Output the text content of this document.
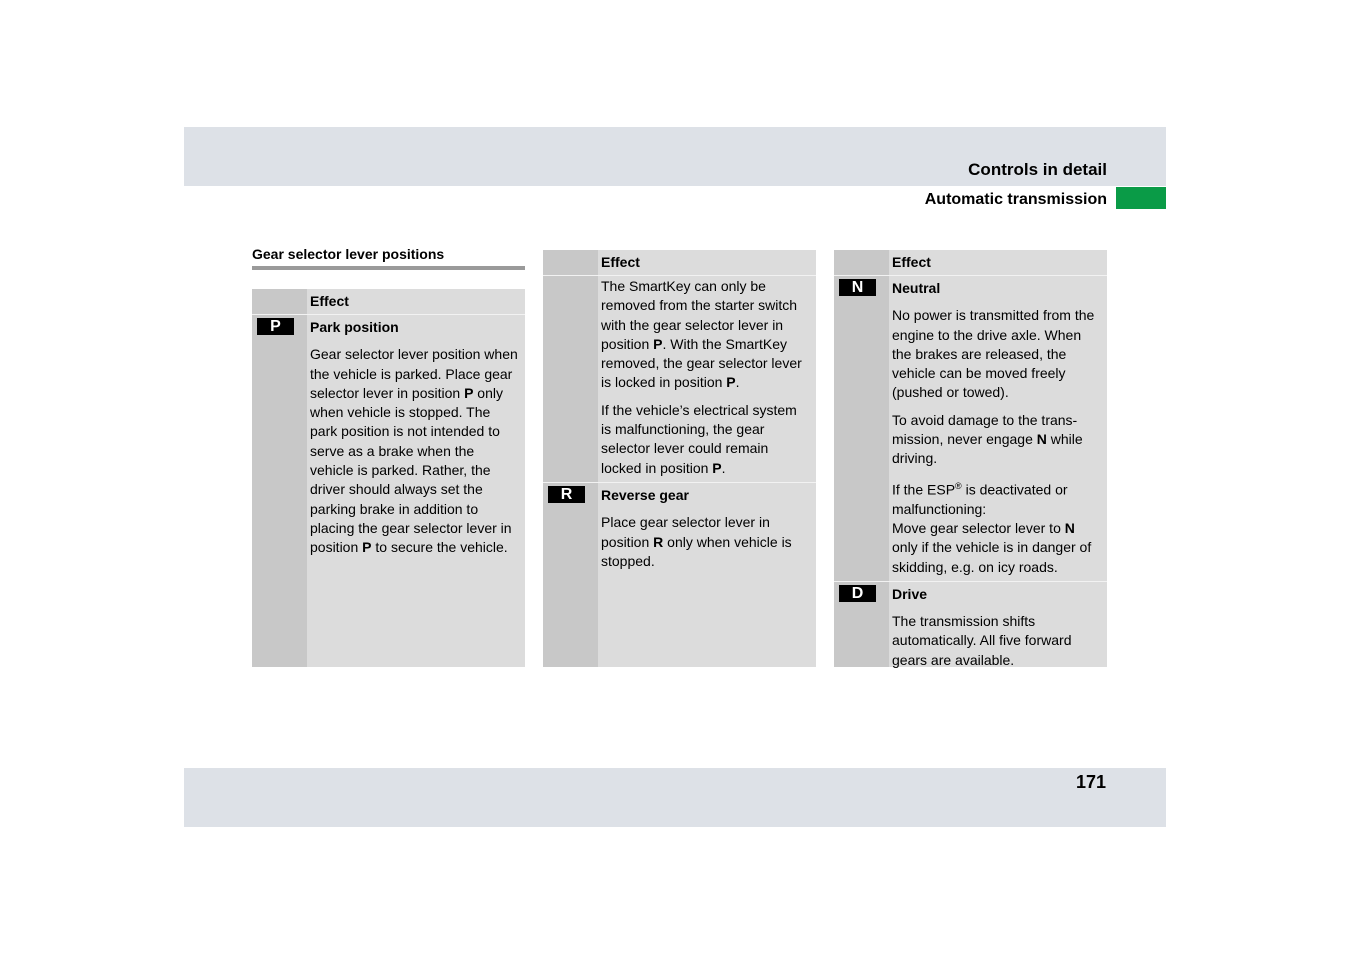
Controls in detail
Automatic transmission
Gear selector lever positions
Effect
P	Park position

Gear selector lever position when the vehicle is parked. Place gear selector lever in position P only when vehicle is stopped. The park position is not intended to serve as a brake when the vehicle is parked. Rather, the driver should always set the parking brake in addition to placing the gear selector lever in position P to secure the vehicle.

Effect

The SmartKey can only be removed from the starter switch with the gear selector lever in position P. With the SmartKey removed, the gear selector lever is locked in position P.

If the vehicle’s electrical system is malfunctioning, the gear selector lever could remain locked in position P.

R	Reverse gear

Place gear selector lever in position R only when vehicle is stopped.

Effect
N	Neutral

No power is transmitted from the engine to the drive axle. When the brakes are released, the vehicle can be moved freely (pushed or towed).

To avoid damage to the trans-mission, never engage N while driving.

If the ESP® is deactivated or malfunctioning:
Move gear selector lever to N only if the vehicle is in danger of skidding, e.g. on icy roads.

D	Drive

The transmission shifts automatically. All five forward gears are available.

171
